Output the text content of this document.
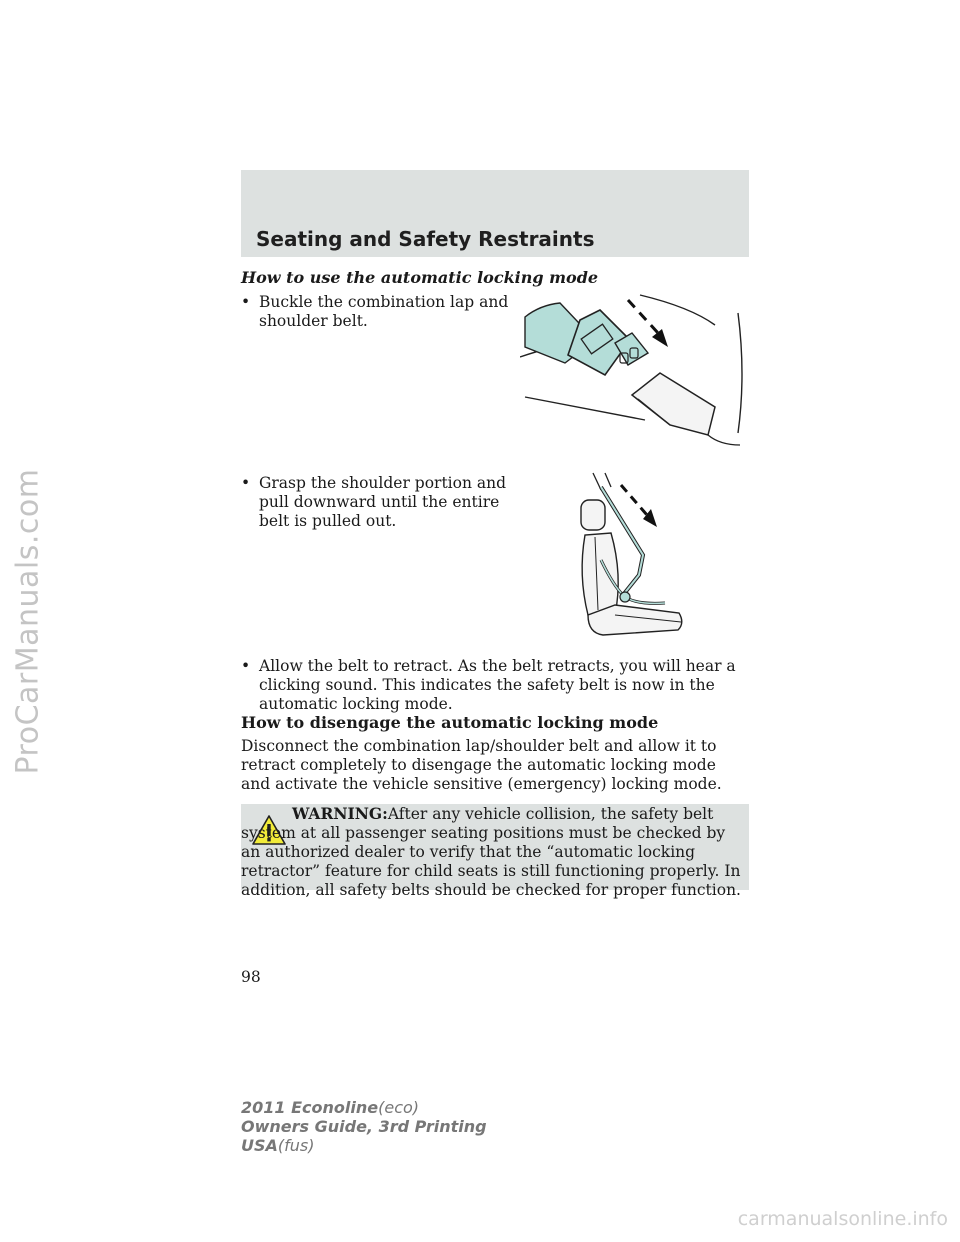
ProCarManuals.com
Seating and Safety Restraints

How to use the automatic locking mode

• Buckle the combination lap and shoulder belt.

• Grasp the shoulder portion and pull downward until the entire belt is pulled out.

• Allow the belt to retract. As the belt retracts, you will hear a clicking sound. This indicates the safety belt is now in the automatic locking mode.

How to disengage the automatic locking mode

Disconnect the combination lap/shoulder belt and allow it to retract completely to disengage the automatic locking mode and activate the vehicle sensitive (emergency) locking mode.

WARNING:After any vehicle collision, the safety belt system at all passenger seating positions must be checked by an authorized dealer to verify that the “automatic locking retractor” feature for child seats is still functioning properly. In addition, all safety belts should be checked for proper function.

98

2011 Econoline(eco)
Owners Guide, 3rd Printing
USA(fus)

carmanualsonline.info
